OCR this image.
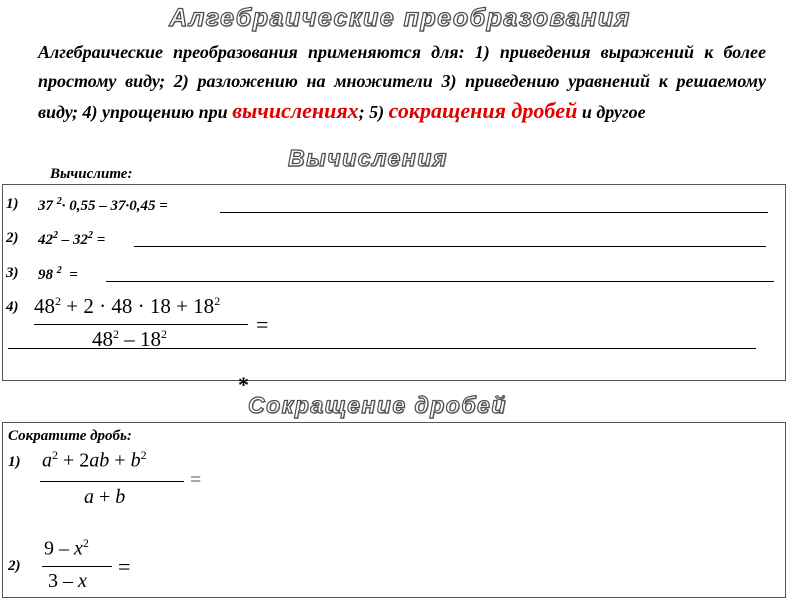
Алгебраические преобразования
Алгебраические преобразования применяются для: 1) приведения выражений к более простому виду; 2) разложению на множители 3) приведению уравнений к решаемому виду; 4) упрощению при вычислениях; 5) сокращения дробей и другое
Вычисления
Вычислите:
1) 37 $^2$· 0,55 – 37·0,45 =
2) $42^2 - 32^2$ =
3) 98 $^2$  =
4) $48^2 + 2 \cdot 48 \cdot 18 + 18^2$
$48^2 - 18^2$	=
*
Сокращение дробей
Сократите дробь:
1) $a^2 + 2ab + b^2$
a + b
=
2)
$9 - x^2$
3 – x
=
